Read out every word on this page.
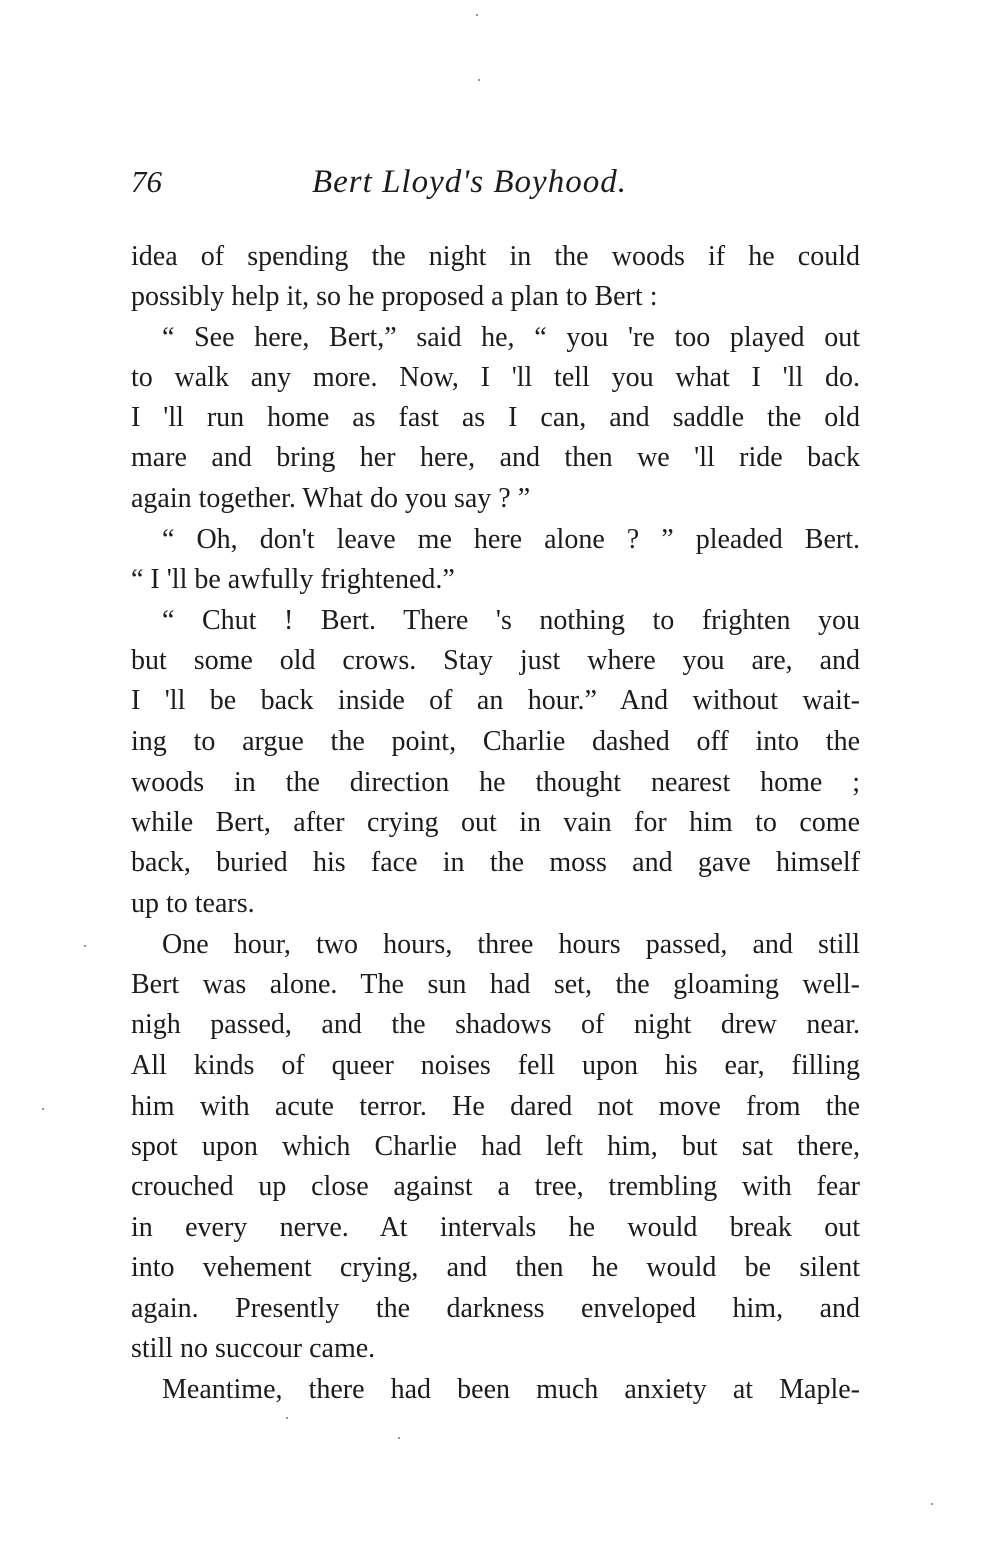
76	Bert Lloyd's Boyhood.
idea of spending the night in the woods if he could
possibly help it, so he proposed a plan to Bert :
“ See here, Bert,” said he, “ you 're too played out
to walk any more. Now, I 'll tell you what I 'll do.
I 'll run home as fast as I can, and saddle the old
mare and bring her here, and then we 'll ride back
again together. What do you say ? ”
“ Oh, don't leave me here alone ? ” pleaded Bert.
“ I 'll be awfully frightened.”
“ Chut ! Bert. There 's nothing to frighten you
but some old crows. Stay just where you are, and
I 'll be back inside of an hour.” And without wait-
ing to argue the point, Charlie dashed off into the
woods in the direction he thought nearest home ;
while Bert, after crying out in vain for him to come
back, buried his face in the moss and gave himself
up to tears.
One hour, two hours, three hours passed, and still
Bert was alone. The sun had set, the gloaming well-
nigh passed, and the shadows of night drew near.
All kinds of queer noises fell upon his ear, filling
him with acute terror. He dared not move from the
spot upon which Charlie had left him, but sat there,
crouched up close against a tree, trembling with fear
in every nerve. At intervals he would break out
into vehement crying, and then he would be silent
again. Presently the darkness enveloped him, and
still no succour came.
Meantime, there had been much anxiety at Maple-
